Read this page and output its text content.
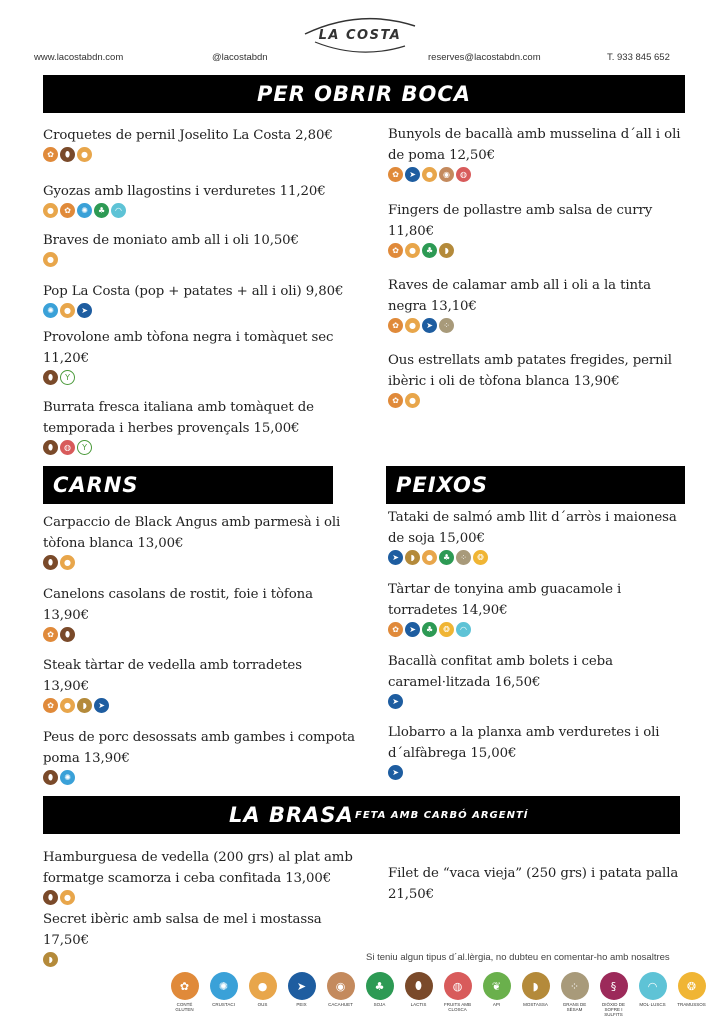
LA COSTA
www.lacostabdn.com	@lacostabdn	reserves@lacostabdn.com	T. 933 845 652
PER OBRIR BOCA
CARNS	PEIXOS
LA BRASA FETA AMB CARBÓ ARGENTÍ
Croquetes de pernil Joselito La Costa 2,80€
✿	⬮	●
Gyozas amb llagostins i verduretes 11,20€
●	✿	✺	♣	◠
Braves de moniato amb all i oli 10,50€
●
Pop La Costa (pop + patates + all i oli) 9,80€
✺	●	➤
Provolone amb tòfona negra i tomàquet sec
11,20€
⬮	Y
Burrata fresca italiana amb tomàquet de
temporada i herbes provençals 15,00€
⬮	◍	Y
Bunyols de bacallà amb musselina d´all i oli
de poma 12,50€
✿	➤	●	◉	◍
Fingers de pollastre amb salsa de curry
11,80€
✿	●	♣	◗
Raves de calamar amb all i oli a la tinta
negra 13,10€
✿	●	➤	⁘
Ous estrellats amb patates fregides, pernil
ibèric i oli de tòfona blanca 13,90€
✿	●
Carpaccio de Black Angus amb parmesà i oli
tòfona blanca 13,00€
⬮	●
Canelons casolans de rostit, foie i tòfona
13,90€
✿	⬮
Steak tàrtar de vedella amb torradetes
13,90€
✿	●	◗	➤
Peus de porc desossats amb gambes i compota
poma 13,90€
⬮	✺
Tataki de salmó amb llit d´arròs i maionesa
de soja 15,00€
➤	◗	●	♣	⁘	❂
Tàrtar de tonyina amb guacamole i
torradetes 14,90€
✿	➤	♣	❂	◠
Bacallà confitat amb bolets i ceba
caramel·litzada 16,50€
➤
Llobarro a la planxa amb verduretes i oli
d´alfàbrega 15,00€
➤
Hamburguesa de vedella (200 grs) al plat amb
formatge scamorza i ceba confitada 13,00€
⬮	●
Secret ibèric amb salsa de mel i mostassa
17,50€
◗
Filet de “vaca vieja” (250 grs) i patata palla
21,50€
Si teniu algun tipus d´al.lèrgia, no dubteu en comentar-ho amb nosaltres
✿
CONTÉ GLUTEN
✺
CRUSTACI
●
OUS
➤
PEIX
◉
CACAHUET
♣
SOJA
⬮
LACTIS
◍
FRUITS AMB CLOSCA
❦
API
◗
MOSTASSA
⁘
GRANS DE SÈSAM
§
DIÒXID DE SOFRE I SULFITS
◠
MOL·LUSCS
❂
TRAMUSSOS
